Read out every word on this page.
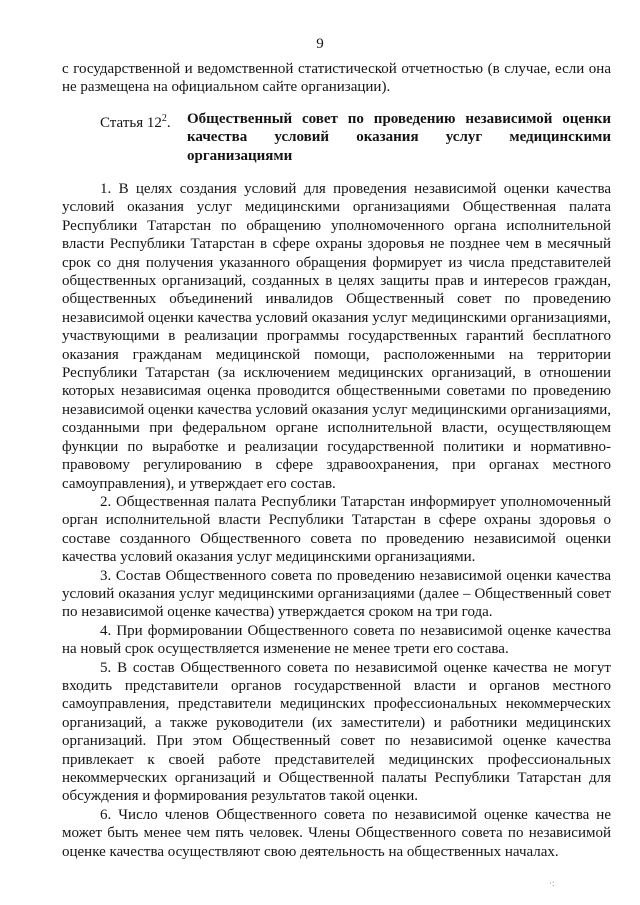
9
с государственной и ведомственной статистической отчетностью (в случае, если она не размещена на официальном сайте организации).
Статья $12^2$. Общественный совет по проведению независимой оценки качества условий оказания услуг медицинскими организациями

1. В целях создания условий для проведения независимой оценки качества условий оказания услуг медицинскими организациями Общественная палата Республики Татарстан по обращению уполномоченного органа исполнительной власти Республики Татарстан в сфере охраны здоровья не позднее чем в месячный срок со дня получения указанного обращения формирует из числа представителей общественных организаций, созданных в целях защиты прав и интересов граждан, общественных объединений инвалидов Общественный совет по проведению независимой оценки качества условий оказания услуг медицинскими организациями, участвующими в реализации программы государственных гарантий бесплатного оказания гражданам медицинской помощи, расположенными на территории Республики Татарстан (за исключением медицинских организаций, в отношении которых независимая оценка проводится общественными советами по проведению независимой оценки качества условий оказания услуг медицинскими организациями, созданными при федеральном органе исполнительной власти, осуществляющем функции по выработке и реализации государственной политики и нормативно-правовому регулированию в сфере здравоохранения, при органах местного самоуправления), и утверждает его состав.

2. Общественная палата Республики Татарстан информирует уполномоченный орган исполнительной власти Республики Татарстан в сфере охраны здоровья о составе созданного Общественного совета по проведению независимой оценки качества условий оказания услуг медицинскими организациями.

3. Состав Общественного совета по проведению независимой оценки качества условий оказания услуг медицинскими организациями (далее – Общественный совет по независимой оценке качества) утверждается сроком на три года.

4. При формировании Общественного совета по независимой оценке качества на новый срок осуществляется изменение не менее трети его состава.

5. В состав Общественного совета по независимой оценке качества не могут входить представители органов государственной власти и органов местного самоуправления, представители медицинских профессиональных некоммерческих организаций, а также руководители (их заместители) и работники медицинских организаций. При этом Общественный совет по независимой оценке качества привлекает к своей работе представителей медицинских профессиональных некоммерческих организаций и Общественной палаты Республики Татарстан для обсуждения и формирования результатов такой оценки.

6. Число членов Общественного совета по независимой оценке качества не может быть менее чем пять человек. Члены Общественного совета по независимой оценке качества осуществляют свою деятельность на общественных началах.

·:
